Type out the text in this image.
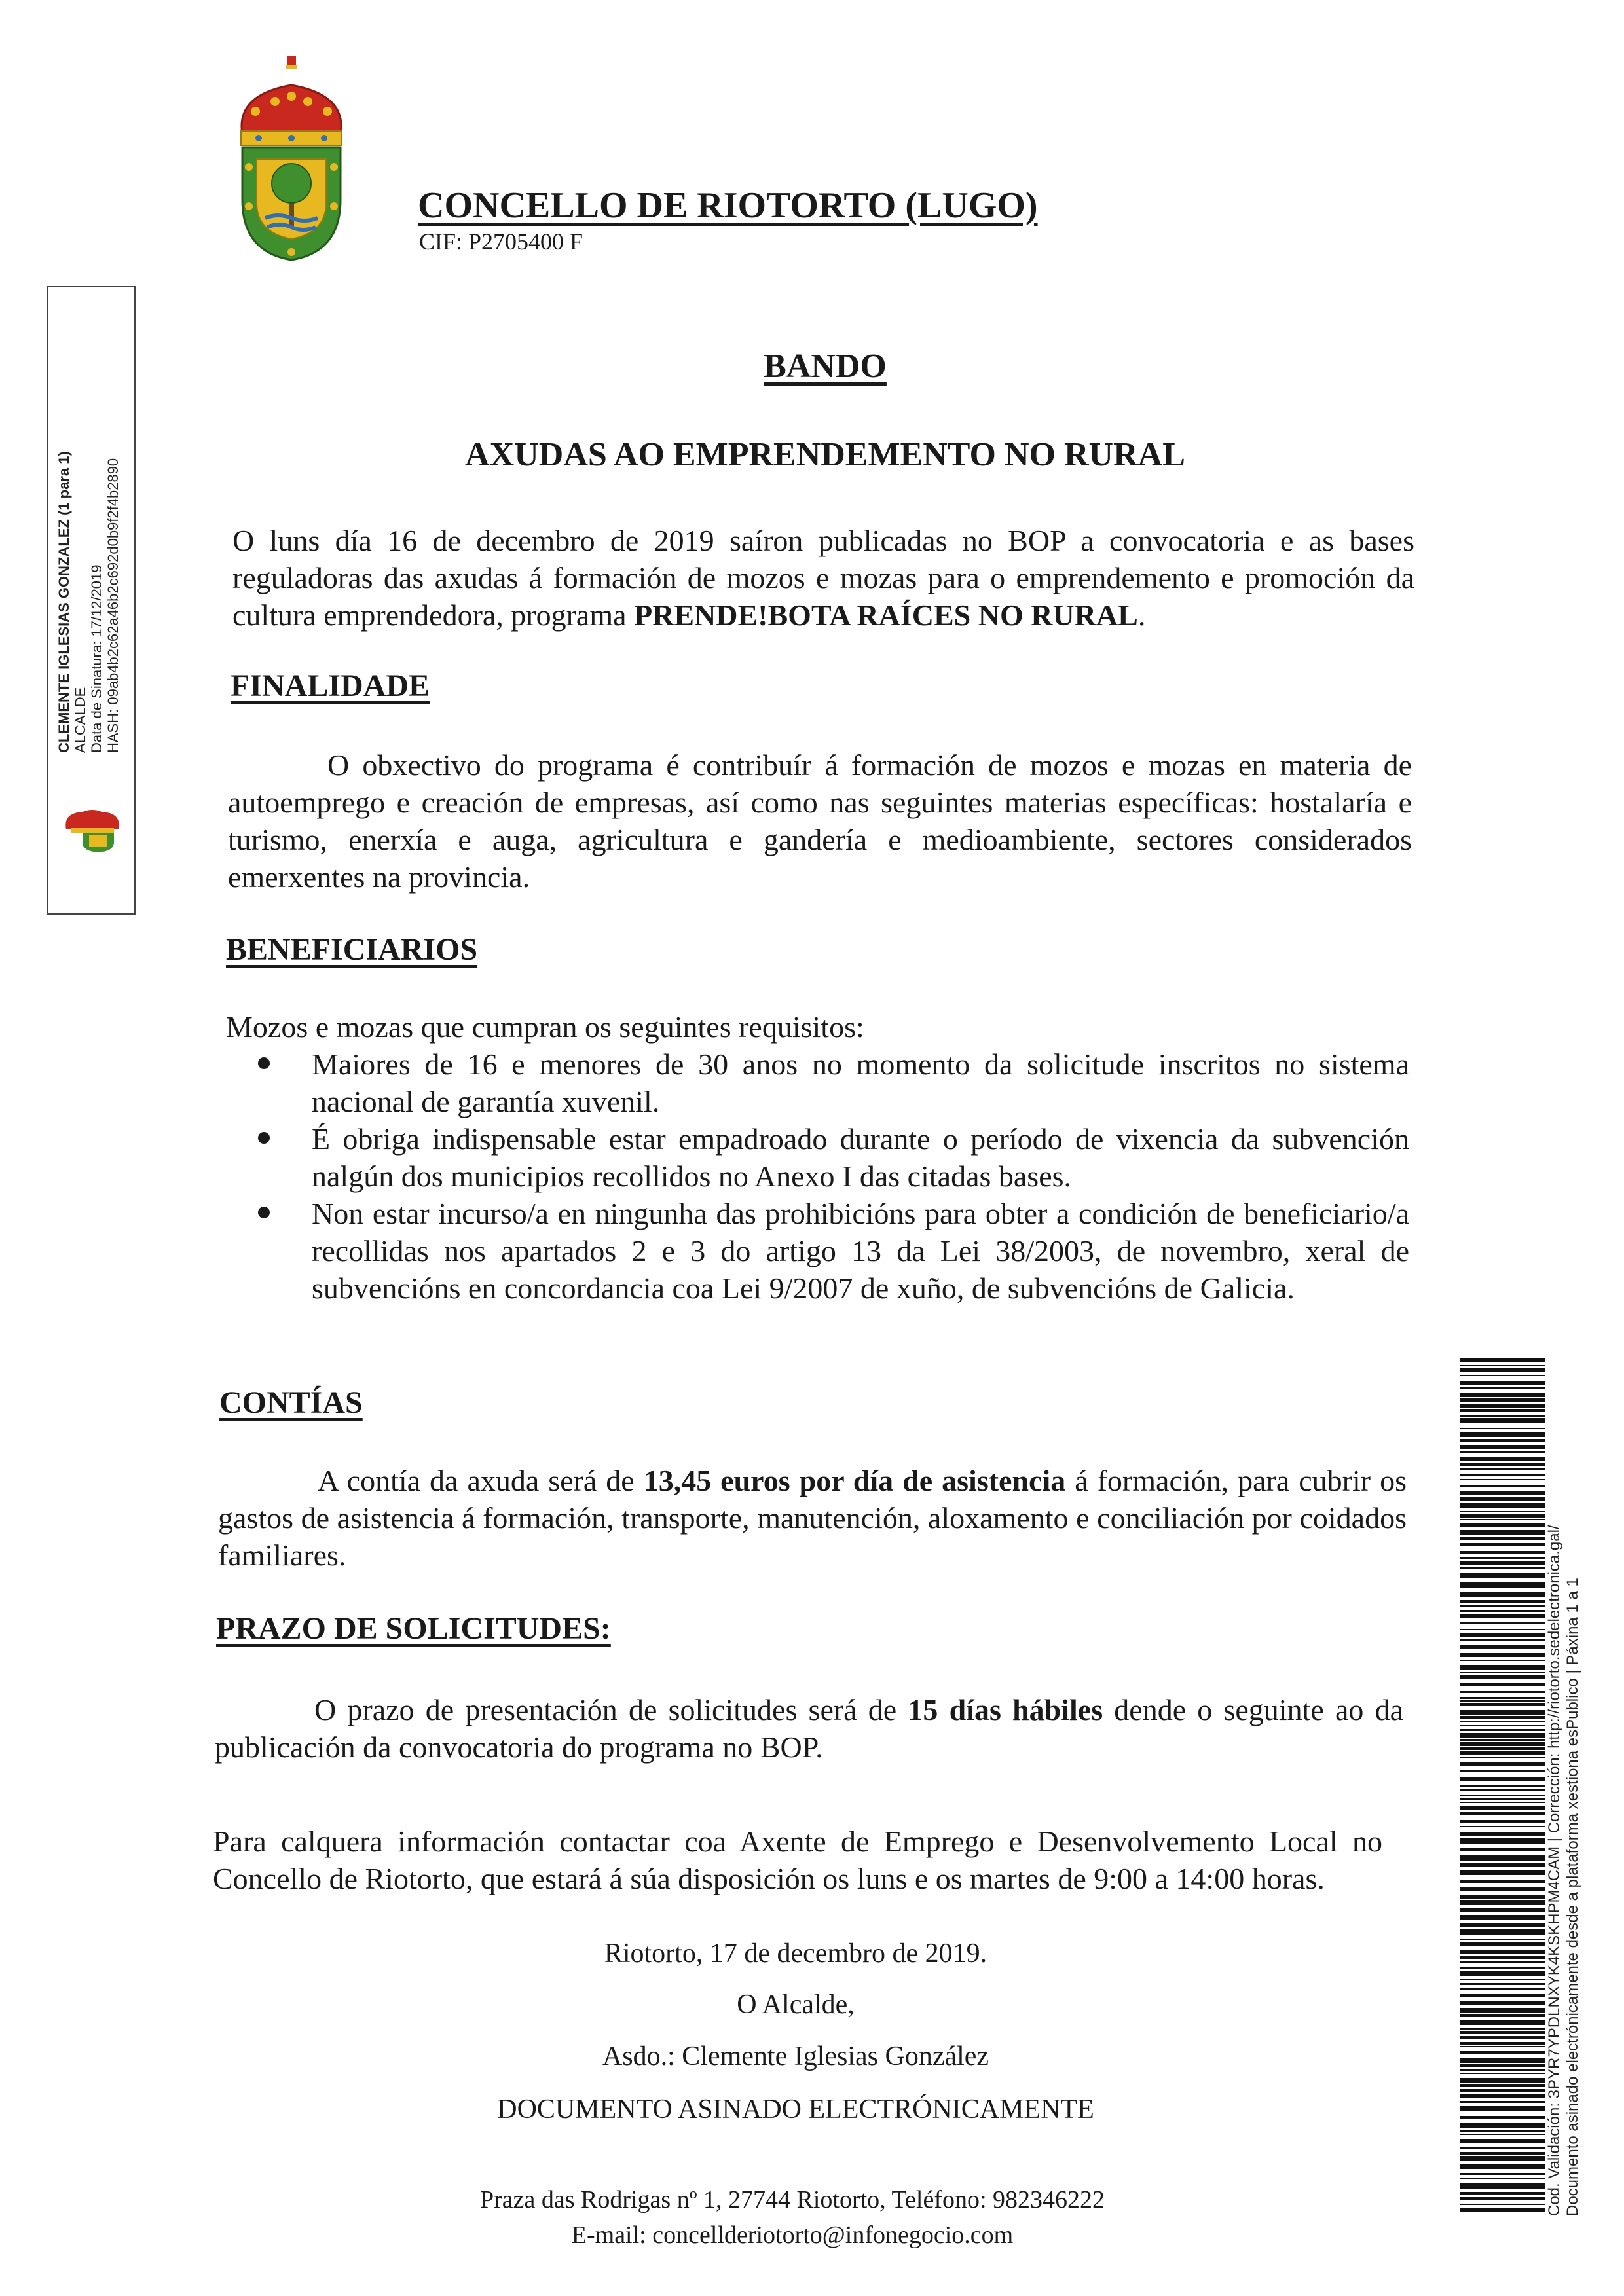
CONCELLO DE RIOTORTO (LUGO)
CIF: P2705400 F
CLEMENTE IGLESIAS GONZALEZ (1 para 1) ALCALDE Data de Sinatura: 17/12/2019 HASH: 09ab4b2c62a46b2c692d0b9f2f4b2890
BANDO
AXUDAS AO EMPRENDEMENTO NO RURAL
O luns día 16 de decembro de 2019 saíron publicadas no BOP a convocatoria e as bases reguladoras das axudas á formación de mozos e mozas para o emprendemento e promoción da cultura emprendedora, programa PRENDE!BOTA RAÍCES NO RURAL.
FINALIDADE
O obxectivo do programa é contribuír á formación de mozos e mozas en materia de autoemprego e creación de empresas, así como nas seguintes materias específicas: hostalaría e turismo, enerxía e auga, agricultura e gandería e medioambiente, sectores considerados emerxentes na provincia.
BENEFICIARIOS
Mozos e mozas que cumpran os seguintes requisitos:
Maiores de 16 e menores de 30 anos no momento da solicitude inscritos no sistema nacional de garantía xuvenil.
É obriga indispensable estar empadroado durante o período de vixencia da subvención nalgún dos municipios recollidos no Anexo I das citadas bases.
Non estar incurso/a en ningunha das prohibicións para obter a condición de beneficiario/a recollidas nos apartados 2 e 3 do artigo 13 da Lei 38/2003, de novembro, xeral de subvencións en concordancia coa Lei 9/2007 de xuño, de subvencións de Galicia.
CONTÍAS
A contía da axuda será de 13,45 euros por día de asistencia á formación, para cubrir os gastos de asistencia á formación, transporte, manutención, aloxamento e conciliación por coidados familiares.
PRAZO DE SOLICITUDES:
O prazo de presentación de solicitudes será de 15 días hábiles dende o seguinte ao da publicación da convocatoria do programa no BOP.
Para calquera información contactar coa Axente de Emprego e Desenvolvemento Local no Concello de Riotorto, que estará á súa disposición os luns e os martes de 9:00 a 14:00 horas.
Riotorto, 17 de decembro de 2019.
O Alcalde,
Asdo.: Clemente Iglesias González
DOCUMENTO ASINADO ELECTRÓNICAMENTE
Praza das Rodrigas nº 1, 27744 Riotorto, Teléfono: 982346222
E-mail: concellderiotorto@infonegocio.com
Cod. Validación: 3PYR7YPDLNXYK4KSKHPM4CAM | Corrección: http://riotorto.sedelectronica.gal/ Documento asinado electrónicamente desde a plataforma xestiona esPublico | Páxina 1 a 1
